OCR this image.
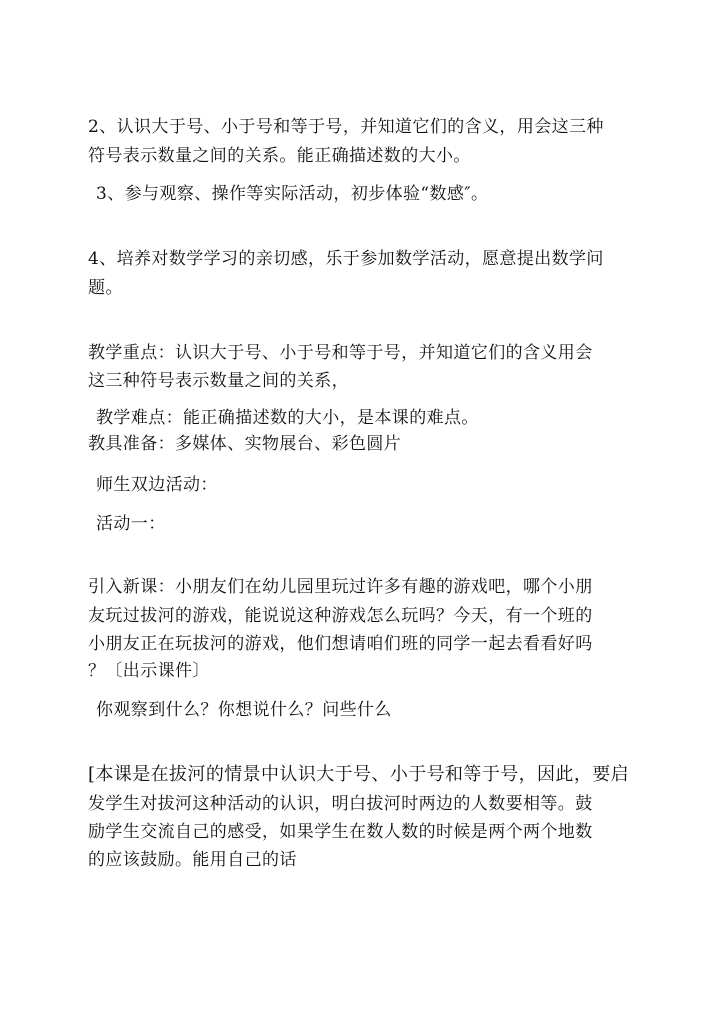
2、认识大于号、小于号和等于号，并知道它们的含义，用会这三种
符号表示数量之间的关系。能正确描述数的大小。
3、参与观察、操作等实际活动，初步体验“数感″。
4、培养对数学学习的亲切感，乐于参加数学活动，愿意提出数学问
题。
教学重点：认识大于号、小于号和等于号，并知道它们的含义用会
这三种符号表示数量之间的关系，
教学难点：能正确描述数的大小，是本课的难点。
教具准备：多媒体、实物展台、彩色圆片
师生双边活动：
活动一：
引入新课：小朋友们在幼儿园里玩过许多有趣的游戏吧，哪个小朋
友玩过拔河的游戏，能说说这种游戏怎么玩吗？今天，有一个班的
小朋友正在玩拔河的游戏，他们想请咱们班的同学一起去看看好吗
？〔出示课件〕
你观察到什么？你想说什么？问些什么
[本课是在拔河的情景中认识大于号、小于号和等于号，因此，要启
发学生对拔河这种活动的认识，明白拔河时两边的人数要相等。鼓
励学生交流自己的感受，如果学生在数人数的时候是两个两个地数
的应该鼓励。能用自己的话
